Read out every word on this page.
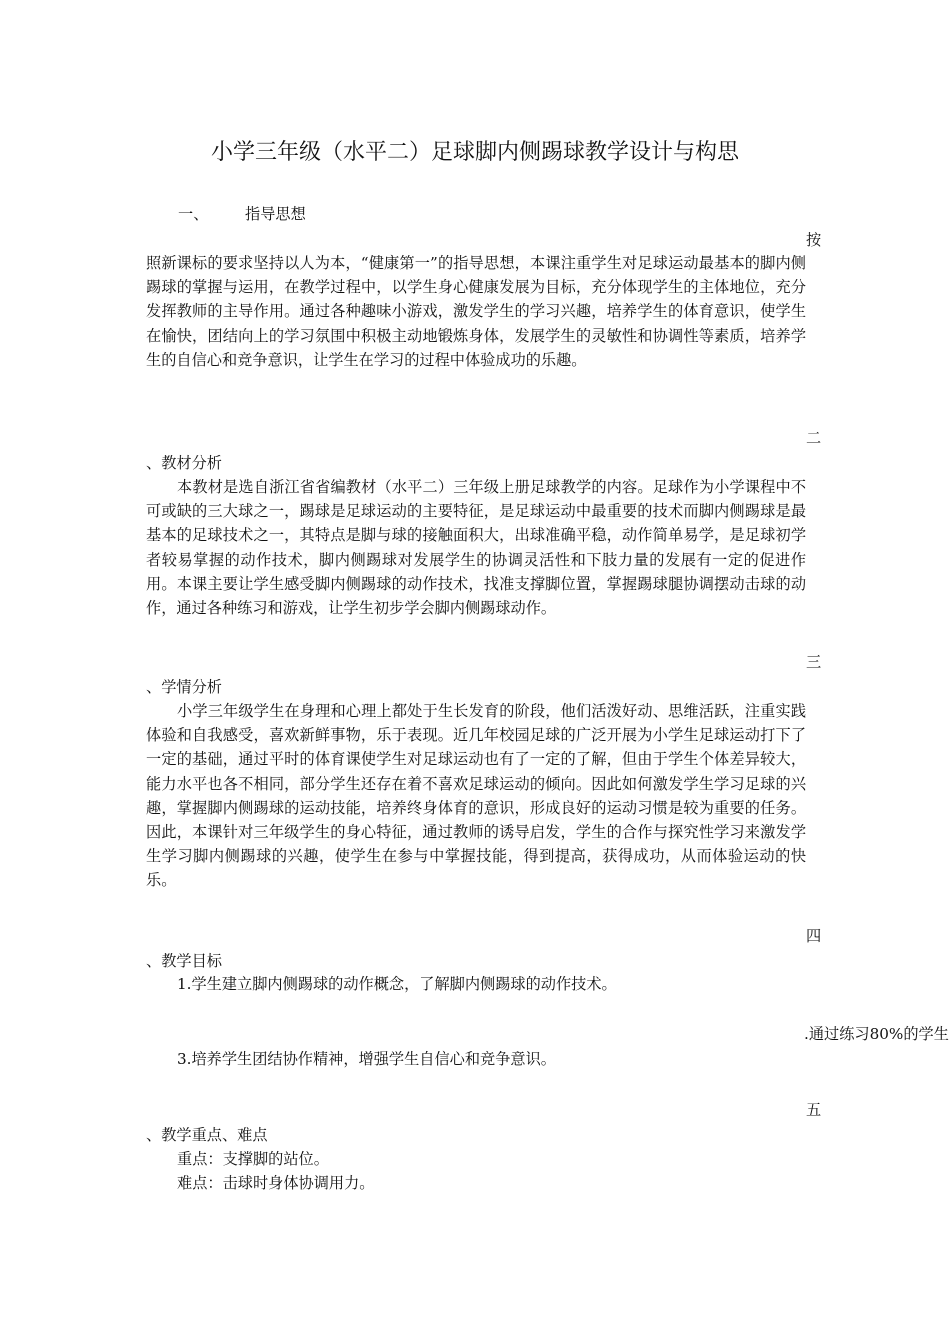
小学三年级（水平二）足球脚内侧踢球教学设计与构思
一、 指导思想
按

照新课标的要求坚持以人为本，“健康第一”的指导思想，本课注重学生对足球运动最基本的脚内侧踢球的掌握与运用，在教学过程中，以学生身心健康发展为目标，充分体现学生的主体地位，充分发挥教师的主导作用。通过各种趣味小游戏，激发学生的学习兴趣，培养学生的体育意识，使学生在愉快，团结向上的学习氛围中积极主动地锻炼身体，发展学生的灵敏性和协调性等素质，培养学生的自信心和竞争意识，让学生在学习的过程中体验成功的乐趣。

二
、教材分析

本教材是选自浙江省省编教材（水平二）三年级上册足球教学的内容。足球作为小学课程中不可或缺的三大球之一，踢球是足球运动的主要特征，是足球运动中最重要的技术而脚内侧踢球是最基本的足球技术之一，其特点是脚与球的接触面积大，出球准确平稳，动作简单易学，是足球初学者较易掌握的动作技术，脚内侧踢球对发展学生的协调灵活性和下肢力量的发展有一定的促进作用。本课主要让学生感受脚内侧踢球的动作技术，找准支撑脚位置，掌握踢球腿协调摆动击球的动作，通过各种练习和游戏，让学生初步学会脚内侧踢球动作。

三
、学情分析

小学三年级学生在身理和心理上都处于生长发育的阶段，他们活泼好动、思维活跃，注重实践体验和自我感受，喜欢新鲜事物，乐于表现。近几年校园足球的广泛开展为小学生足球运动打下了一定的基础，通过平时的体育课使学生对足球运动也有了一定的了解，但由于学生个体差异较大，能力水平也各不相同，部分学生还存在着不喜欢足球运动的倾向。因此如何激发学生学习足球的兴趣，掌握脚内侧踢球的运动技能，培养终身体育的意识，形成良好的运动习惯是较为重要的任务。因此，本课针对三年级学生的身心特征，通过教师的诱导启发，学生的合作与探究性学习来激发学生学习脚内侧踢球的兴趣，使学生在参与中掌握技能，得到提高，获得成功，从而体验运动的快乐。

四
、教学目标
1.学生建立脚内侧踢球的动作概念，了解脚内侧踢球的动作技术。
.通过练习80%的学生
3.培养学生团结协作精神，增强学生自信心和竞争意识。
五
、教学重点、难点
重点：支撑脚的站位。
难点：击球时身体协调用力。
